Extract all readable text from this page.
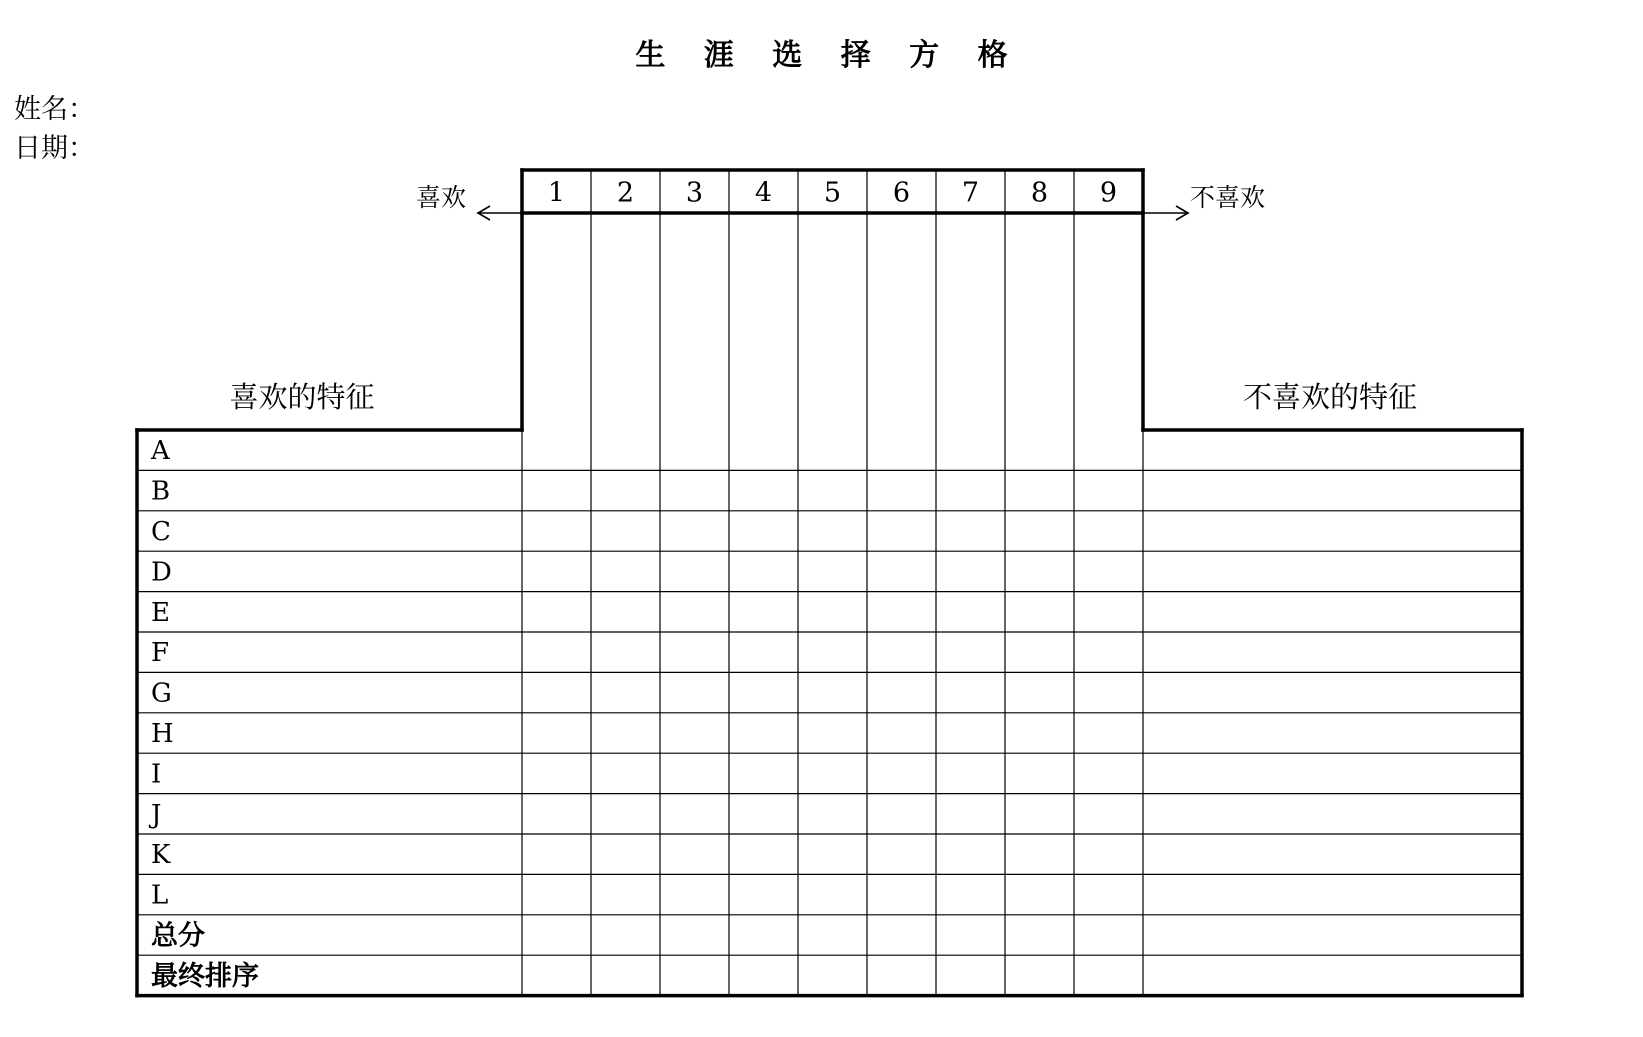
生 涯 选 择 方 格
姓名：
日期：
喜欢	不喜欢
喜欢的特征	不喜欢的特征
1 2 3 4 5 6 7 8 9
A
B
C
D
E
F
G
H
I
J
K
L
总分
最终排序
